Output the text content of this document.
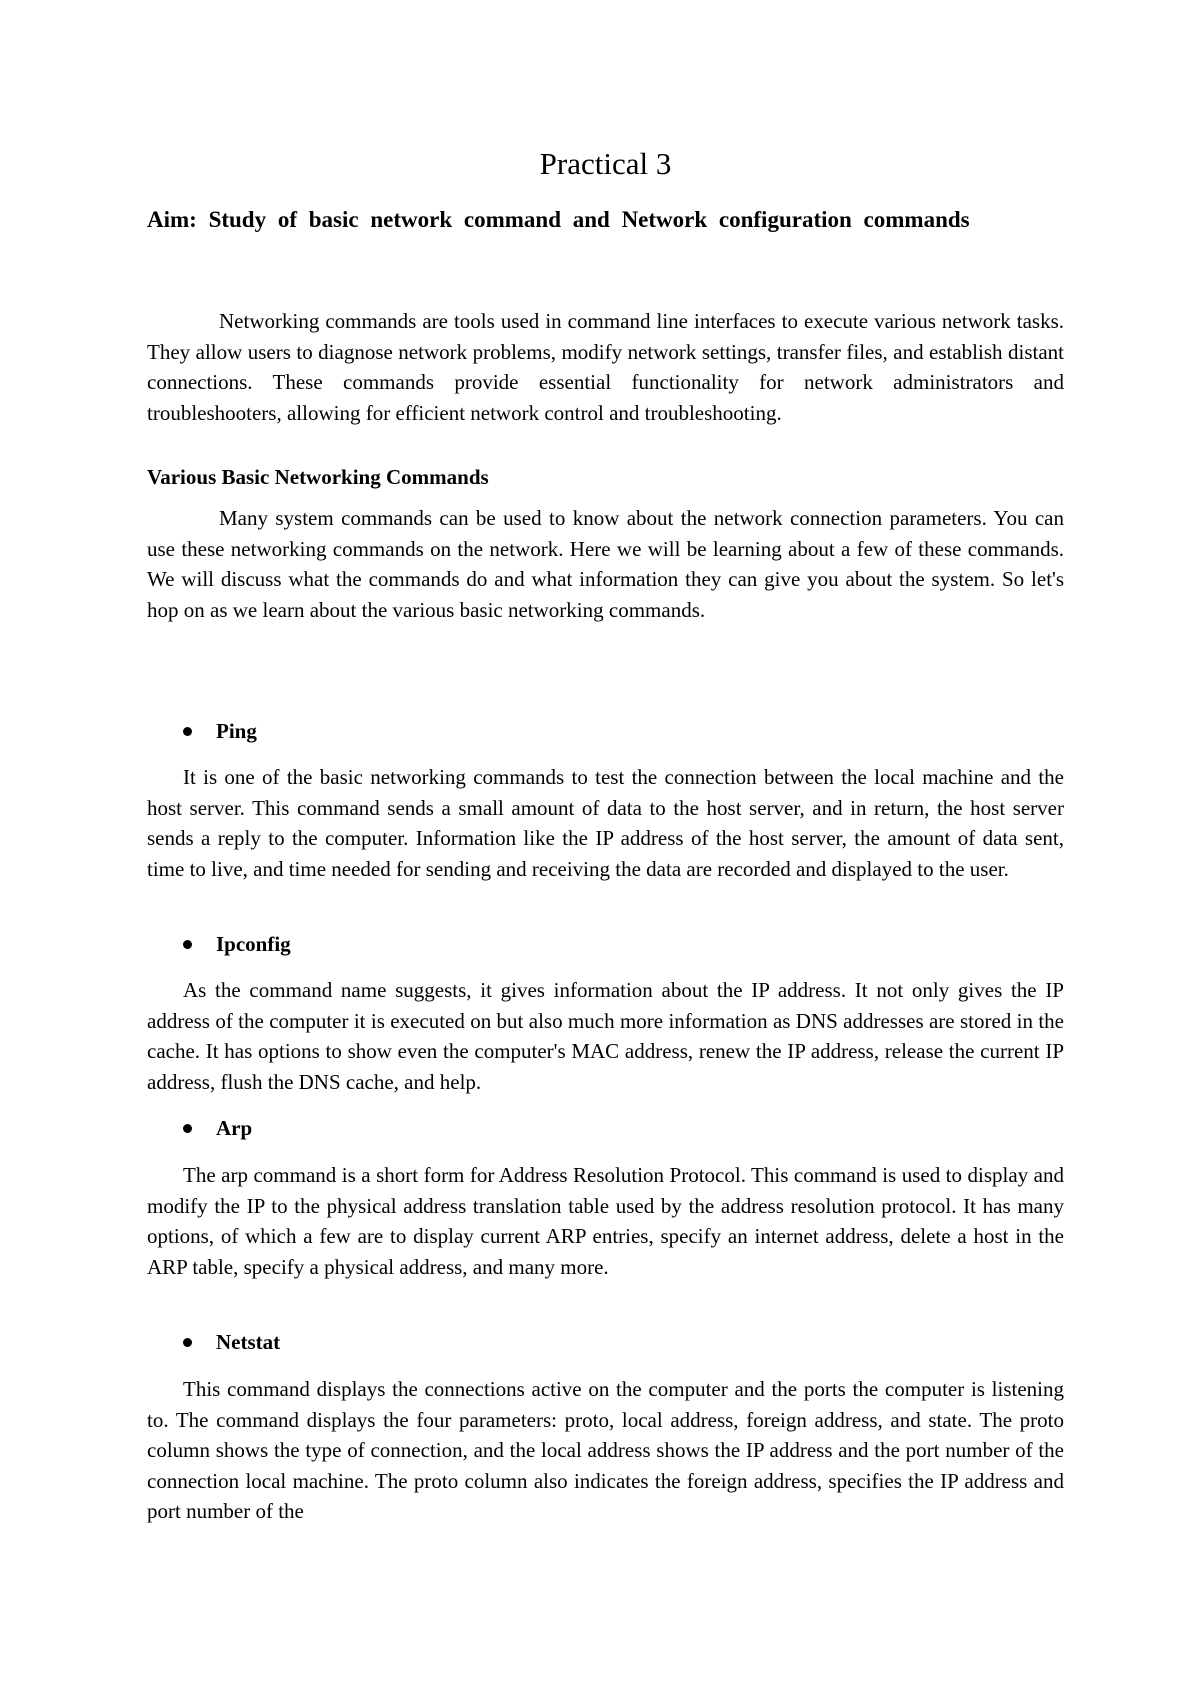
Practical 3

Aim: Study of basic network command and Network configuration commands

Networking commands are tools used in command line interfaces to execute various network tasks. They allow users to diagnose network problems, modify network settings, transfer files, and establish distant connections. These commands provide essential functionality for network administrators and troubleshooters, allowing for efficient network control and troubleshooting.

Various Basic Networking Commands

Many system commands can be used to know about the network connection parameters. You can use these networking commands on the network. Here we will be learning about a few of these commands. We will discuss what the commands do and what information they can give you about the system. So let's hop on as we learn about the various basic networking commands.

Ping

It is one of the basic networking commands to test the connection between the local machine and the host server. This command sends a small amount of data to the host server, and in return, the host server sends a reply to the computer. Information like the IP address of the host server, the amount of data sent, time to live, and time needed for sending and receiving the data are recorded and displayed to the user.

Ipconfig

As the command name suggests, it gives information about the IP address. It not only gives the IP address of the computer it is executed on but also much more information as DNS addresses are stored in the cache. It has options to show even the computer's MAC address, renew the IP address, release the current IP address, flush the DNS cache, and help.

Arp

The arp command is a short form for Address Resolution Protocol. This command is used to display and modify the IP to the physical address translation table used by the address resolution protocol. It has many options, of which a few are to display current ARP entries, specify an internet address, delete a host in the ARP table, specify a physical address, and many more.

Netstat

This command displays the connections active on the computer and the ports the computer is listening to. The command displays the four parameters: proto, local address, foreign address, and state. The proto column shows the type of connection, and the local address shows the IP address and the port number of the connection local machine. The proto column also indicates the foreign address, specifies the IP address and port number of the
